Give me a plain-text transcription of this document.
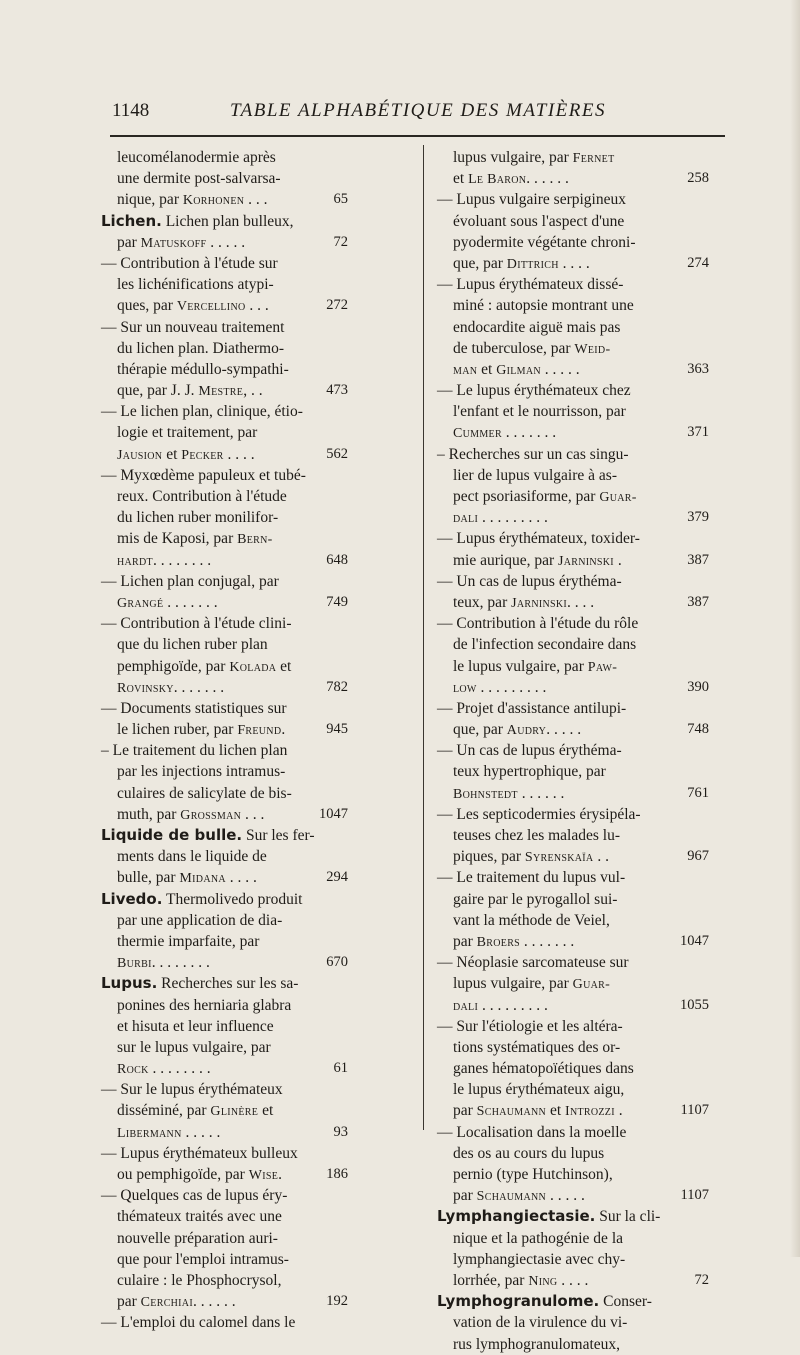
1148	TABLE ALPHABÉTIQUE DES MATIÈRES
leucomélanodermie après
une dermite post-salvarsa-
nique, par Korhonen . . .	65
Lichen. Lichen plan bulleux,
par Matuskoff . . . . .	72
— Contribution à l'étude sur
les lichénifications atypi-
ques, par Vercellino . . .	272
— Sur un nouveau traitement
du lichen plan. Diathermo-
thérapie médullo-sympathi-
que, par J. J. Mestre, . .	473
— Le lichen plan, clinique, étio-
logie et traitement, par
Jausion et Pecker . . . .	562
— Myxœdème papuleux et tubé-
reux. Contribution à l'étude
du lichen ruber monilifor-
mis de Kaposi, par Bern-
hardt. . . . . . . .	648
— Lichen plan conjugal, par
Grangé . . . . . . .	749
— Contribution à l'étude clini-
que du lichen ruber plan
pemphigoïde, par Kolada et
Rovinsky. . . . . . .	782
— Documents statistiques sur
le lichen ruber, par Freund.	945
– Le traitement du lichen plan
par les injections intramus-
culaires de salicylate de bis-
muth, par Grossman . . .	1047
Liquide de bulle. Sur les fer-
ments dans le liquide de
bulle, par Midana . . . .	294
Livedo. Thermolivedo produit
par une application de dia-
thermie imparfaite, par
Burbi. . . . . . . .	670
Lupus. Recherches sur les sa-
ponines des herniaria glabra
et hisuta et leur influence
sur le lupus vulgaire, par
Rock . . . . . . . .	61
— Sur le lupus érythémateux
disséminé, par Glinère et
Libermann . . . . .	93
— Lupus érythémateux bulleux
ou pemphigoïde, par Wise.	186
— Quelques cas de lupus éry-
thémateux traités avec une
nouvelle préparation auri-
que pour l'emploi intramus-
culaire : le Phosphocrysol,
par Cerchiai. . . . . .	192
— L'emploi du calomel dans le
lupus vulgaire, par Fernet
et Le Baron. . . . . .	258
— Lupus vulgaire serpigineux
évoluant sous l'aspect d'une
pyodermite végétante chroni-
que, par Dittrich . . . .	274
— Lupus érythémateux dissé-
miné : autopsie montrant une
endocardite aiguë mais pas
de tuberculose, par Weid-
man et Gilman . . . . .	363
— Le lupus érythémateux chez
l'enfant et le nourrisson, par
Cummer . . . . . . .	371
– Recherches sur un cas singu-
lier de lupus vulgaire à as-
pect psoriasiforme, par Guar-
dali . . . . . . . . .	379
— Lupus érythémateux, toxider-
mie aurique, par Jarninski .	387
— Un cas de lupus érythéma-
teux, par Jarninski. . . .	387
— Contribution à l'étude du rôle
de l'infection secondaire dans
le lupus vulgaire, par Paw-
low . . . . . . . . .	390
— Projet d'assistance antilupi-
que, par Audry. . . . .	748
— Un cas de lupus érythéma-
teux hypertrophique, par
Bohnstedt . . . . . .	761
— Les septicodermies érysipéla-
teuses chez les malades lu-
piques, par Syrenskaïa . .	967
— Le traitement du lupus vul-
gaire par le pyrogallol sui-
vant la méthode de Veiel,
par Broers . . . . . . .	1047
— Néoplasie sarcomateuse sur
lupus vulgaire, par Guar-
dali . . . . . . . . .	1055
— Sur l'étiologie et les altéra-
tions systématiques des or-
ganes hématopoïétiques dans
le lupus érythémateux aigu,
par Schaumann et Introzzi .	1107
— Localisation dans la moelle
des os au cours du lupus
pernio (type Hutchinson),
par Schaumann . . . . .	1107
Lymphangiectasie. Sur la cli-
nique et la pathogénie de la
lymphangiectasie avec chy-
lorrhée, par Ning . . . .	72
Lymphogranulome. Conser-
vation de la virulence du vi-
rus lymphogranulomateux,
